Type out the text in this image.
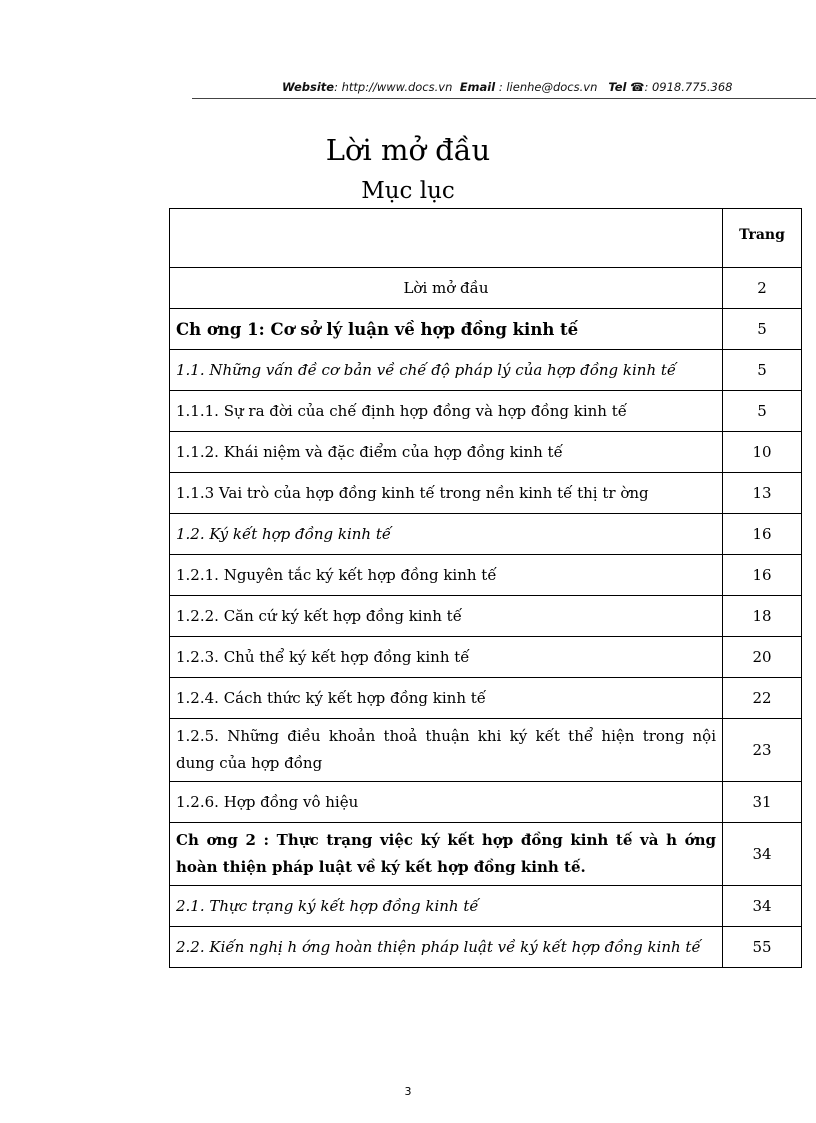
Website: http://www.docs.vn Email : lienhe@docs.vn Tel ☎: 0918.775.368
Lời mở đầu
Mục lục
	Trang
Lời mở đầu	2
Ch ơng 1: Cơ sở lý luận về hợp đồng kinh tế	5
1.1. Những vấn đề cơ bản về chế độ pháp lý của hợp đồng kinh tế	5
1.1.1. Sự ra đời của chế định hợp đồng và hợp đồng kinh tế	5
1.1.2. Khái niệm và đặc điểm của hợp đồng kinh tế	10
1.1.3 Vai trò của hợp đồng kinh tế trong nền kinh tế thị tr ờng	13
1.2. Ký kết hợp đồng kinh tế	16
1.2.1. Nguyên tắc ký kết hợp đồng kinh tế	16
1.2.2. Căn cứ ký kết hợp đồng kinh tế	18
1.2.3. Chủ thể ký kết hợp đồng kinh tế	20
1.2.4. Cách thức ký kết hợp đồng kinh tế	22
1.2.5. Những điều khoản thoả thuận khi ký kết thể hiện trong nội dung của hợp đồng	23
1.2.6. Hợp đồng vô hiệu	31
Ch ơng 2 : Thực trạng việc ký kết hợp đồng kinh tế và h ớng hoàn thiện pháp luật về ký kết hợp đồng kinh tế.	34
2.1. Thực trạng ký kết hợp đồng kinh tế	34
2.2. Kiến nghị h ớng hoàn thiện pháp luật về ký kết hợp đồng kinh tế	55
3
